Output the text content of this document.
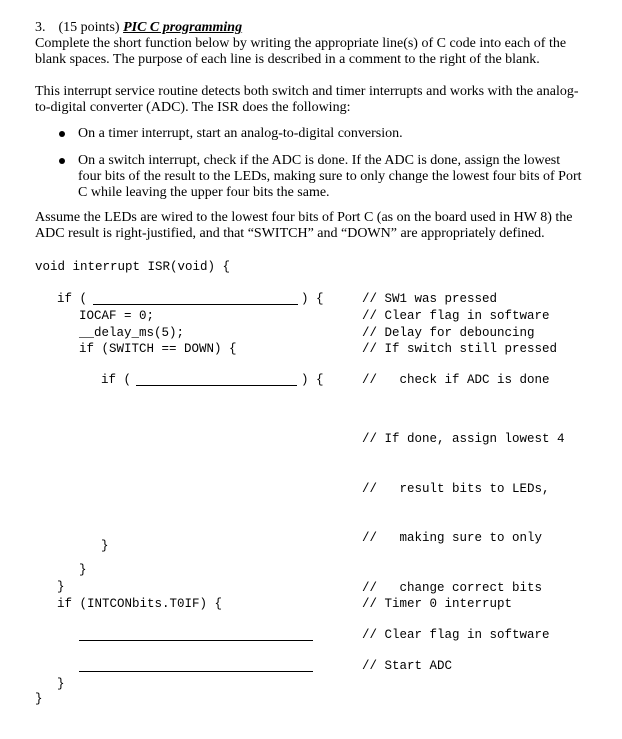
3. (15 points) PIC C programming
Complete the short function below by writing the appropriate line(s) of C code into each of the
blank spaces. The purpose of each line is described in a comment to the right of the blank.
This interrupt service routine detects both switch and timer interrupts and works with the analog-
to-digital converter (ADC). The ISR does the following:
On a timer interrupt, start an analog-to-digital conversion.
On a switch interrupt, check if the ADC is done. If the ADC is done, assign the lowest
four bits of the result to the LEDs, making sure to only change the lowest four bits of Port
C while leaving the upper four bits the same.
Assume the LEDs are wired to the lowest four bits of Port C (as on the board used in HW 8) the
ADC result is right-justified, and that “SWITCH” and “DOWN” are appropriately defined.
void interrupt ISR(void) {
if (	) {	// SW1 was pressed
IOCAF = 0;	// Clear flag in software
__delay_ms(5);	// Delay for debouncing
if (SWITCH == DOWN) {	// If switch still pressed
if (	) {	//   check if ADC is done

// If done, assign lowest 4

//   result bits to LEDs,

//   making sure to only

//   change correct bits

}
}
}
if (INTCONbits.T0IF) {	// Timer 0 interrupt
// Clear flag in software
// Start ADC
}
}
